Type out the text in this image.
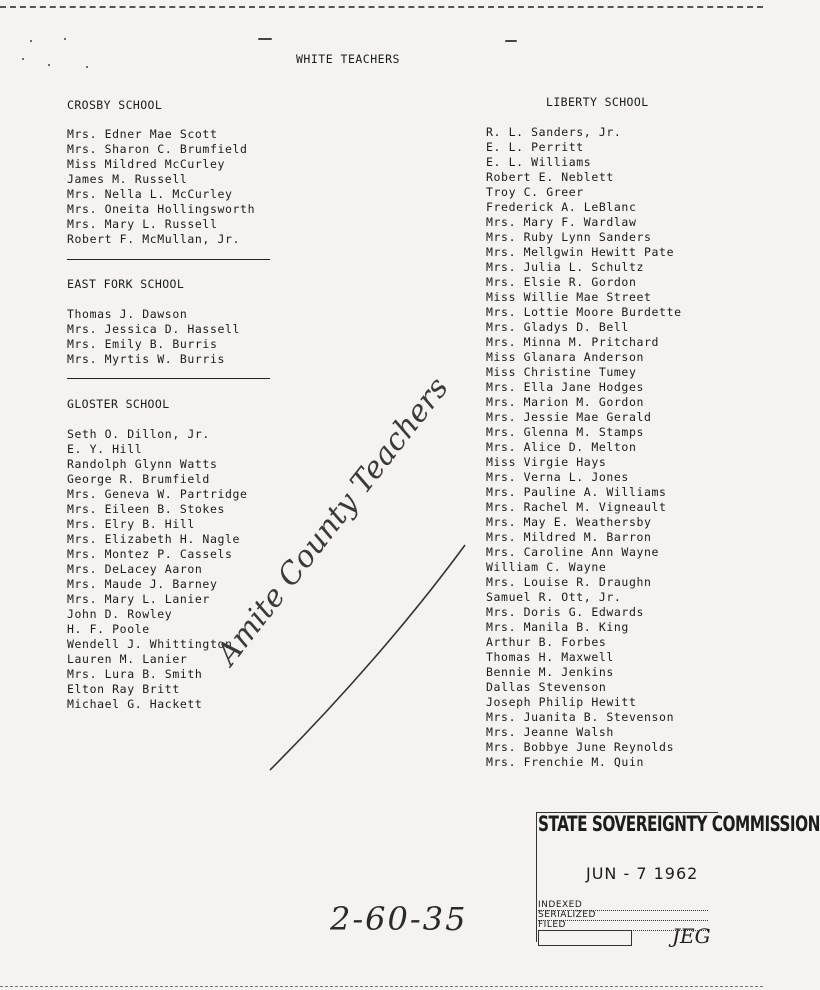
WHITE TEACHERS
CROSBY SCHOOL
Mrs. Edner Mae Scott
Mrs. Sharon C. Brumfield
Miss Mildred McCurley
James M. Russell
Mrs. Nella L. McCurley
Mrs. Oneita Hollingsworth
Mrs. Mary L. Russell
Robert F. McMullan, Jr.
EAST FORK SCHOOL
Thomas J. Dawson
Mrs. Jessica D. Hassell
Mrs. Emily B. Burris
Mrs. Myrtis W. Burris
GLOSTER SCHOOL
Seth O. Dillon, Jr.
E. Y. Hill
Randolph Glynn Watts
George R. Brumfield
Mrs. Geneva W. Partridge
Mrs. Eileen B. Stokes
Mrs. Elry B. Hill
Mrs. Elizabeth H. Nagle
Mrs. Montez P. Cassels
Mrs. DeLacey Aaron
Mrs. Maude J. Barney
Mrs. Mary L. Lanier
John D. Rowley
H. F. Poole
Wendell J. Whittington
Lauren M. Lanier
Mrs. Lura B. Smith
Elton Ray Britt
Michael G. Hackett
LIBERTY SCHOOL
R. L. Sanders, Jr.
E. L. Perritt
E. L. Williams
Robert E. Neblett
Troy C. Greer
Frederick A. LeBlanc
Mrs. Mary F. Wardlaw
Mrs. Ruby Lynn Sanders
Mrs. Mellgwin Hewitt Pate
Mrs. Julia L. Schultz
Mrs. Elsie R. Gordon
Miss Willie Mae Street
Mrs. Lottie Moore Burdette
Mrs. Gladys D. Bell
Mrs. Minna M. Pritchard
Miss Glanara Anderson
Miss Christine Tumey
Mrs. Ella Jane Hodges
Mrs. Marion M. Gordon
Mrs. Jessie Mae Gerald
Mrs. Glenna M. Stamps
Mrs. Alice D. Melton
Miss Virgie Hays
Mrs. Verna L. Jones
Mrs. Pauline A. Williams
Mrs. Rachel M. Vigneault
Mrs. May E. Weathersby
Mrs. Mildred M. Barron
Mrs. Caroline Ann Wayne
William C. Wayne
Mrs. Louise R. Draughn
Samuel R. Ott, Jr.
Mrs. Doris G. Edwards
Mrs. Manila B. King
Arthur B. Forbes
Thomas H. Maxwell
Bennie M. Jenkins
Dallas Stevenson
Joseph Philip Hewitt
Mrs. Juanita B. Stevenson
Mrs. Jeanne Walsh
Mrs. Bobbye June Reynolds
Mrs. Frenchie M. Quin
Amite County Teachers
2-60-35
STATE SOVEREIGNTY COMMISSION
JUN - 7 1962
INDEXED
SERIALIZED
FILED	JEG
